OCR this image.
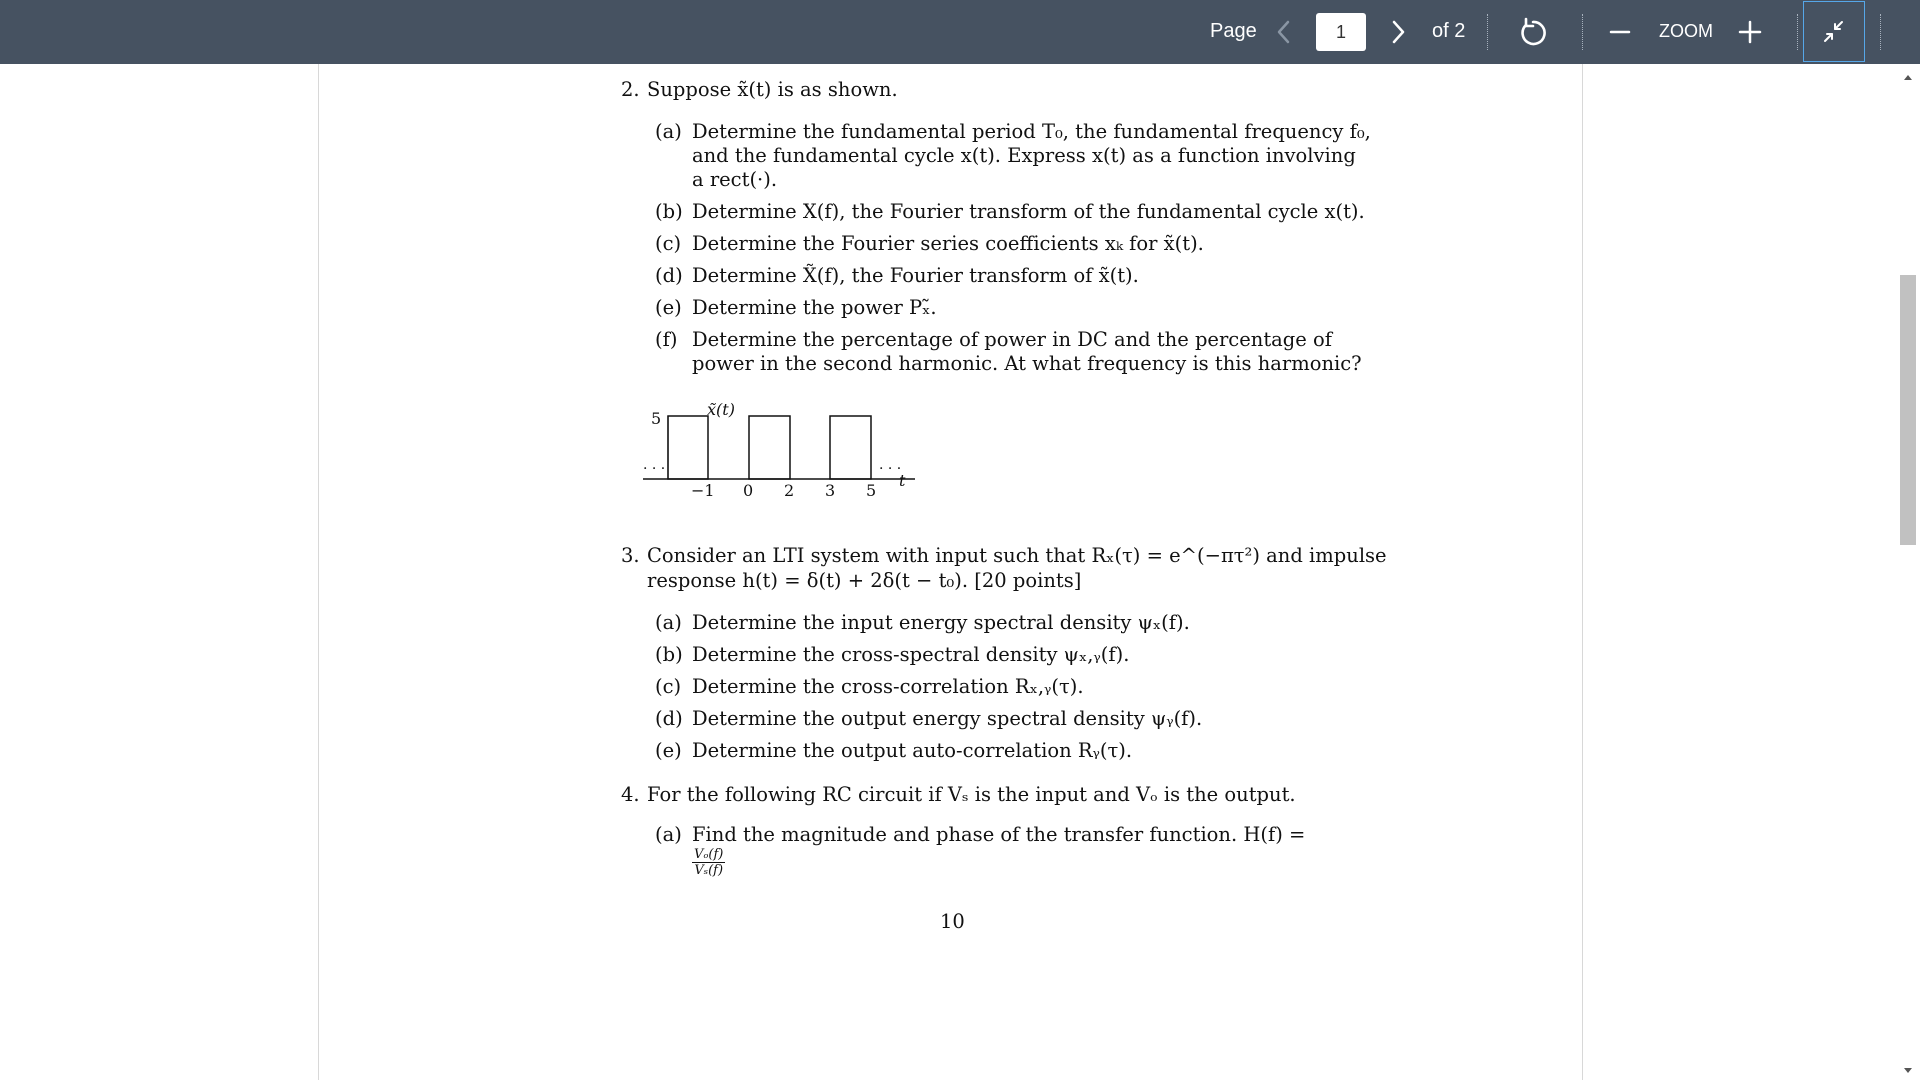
Page
1	of 2	ZOOM
2. Suppose x̃(t) is as shown.
(a) Determine the fundamental period T₀, the fundamental frequency f₀,
and the fundamental cycle x(t). Express x(t) as a function involving
a rect(·).
(b) Determine X(f), the Fourier transform of the fundamental cycle x(t).
(c) Determine the Fourier series coefficients xₖ for x̃(t).
(d) Determine X̃(f), the Fourier transform of x̃(t).
(e) Determine the power Pₓ̃.
(f) Determine the percentage of power in DC and the percentage of
power in the second harmonic. At what frequency is this harmonic?
x̃(t)
5
· · ·	· · ·
−1 0 2 3 5
t
3. Consider an LTI system with input such that Rₓ(τ) = e^(−πτ²) and impulse
response h(t) = δ(t) + 2δ(t − t₀). [20 points]
(a) Determine the input energy spectral density ψₓ(f).
(b) Determine the cross-spectral density ψₓ,ᵧ(f).
(c) Determine the cross-correlation Rₓ,ᵧ(τ).
(d) Determine the output energy spectral density ψᵧ(f).
(e) Determine the output auto-correlation Rᵧ(τ).
4. For the following RC circuit if Vₛ is the input and Vₒ is the output.
(a) Find the magnitude and phase of the transfer function. H(f) =
Vₒ(f)
Vₛ(f)
10
